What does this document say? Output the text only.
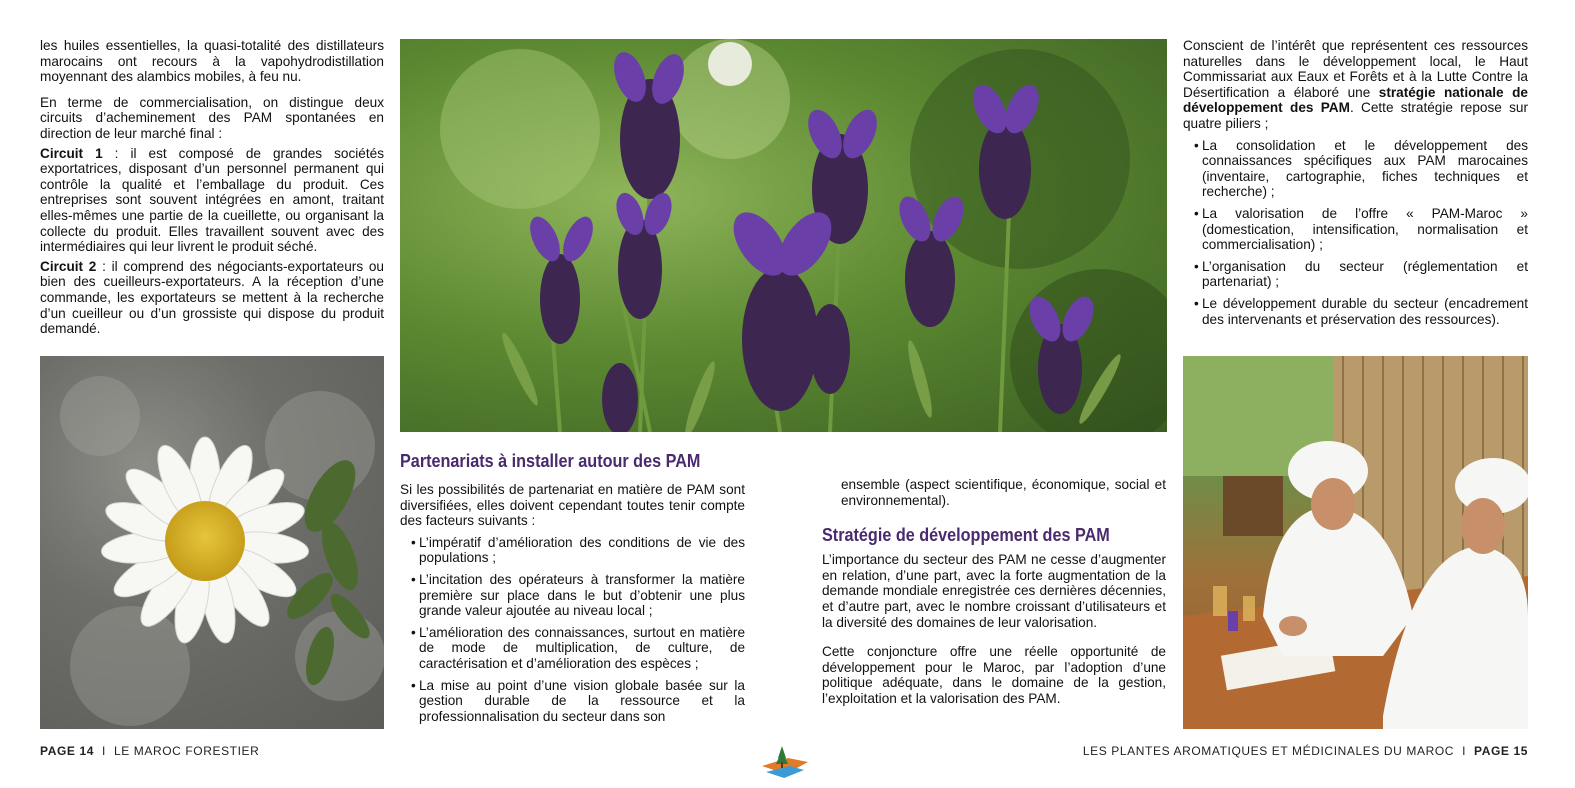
les huiles essentielles, la quasi-totalité des distillateurs marocains ont recours à la vapohydrodistillation moyennant des alambics mobiles, à feu nu.

En terme de commercialisation, on distingue deux circuits d’acheminement des PAM spontanées en direction de leur marché final :

Circuit 1 : il est composé de grandes sociétés exportatrices, disposant d’un personnel permanent qui contrôle la qualité et l’emballage du produit. Ces entreprises sont souvent intégrées en amont, traitant elles-mêmes une partie de la cueillette, ou organisant la collecte du produit. Elles travaillent souvent avec des intermédiaires qui leur livrent le produit séché.

Circuit 2 : il comprend des négociants-exportateurs ou bien des cueilleurs-exportateurs. A la réception d’une commande, les exportateurs se mettent à la recherche d’un cueilleur ou d’un grossiste qui dispose du produit demandé.

Partenariats à installer autour des PAM

Si les possibilités de partenariat en matière de PAM sont diversifiées, elles doivent cependant toutes tenir compte des facteurs suivants :

• L’impératif d’amélioration des conditions de vie des populations ;
• L’incitation des opérateurs à transformer la matière première sur place dans le but d’obtenir une plus grande valeur ajoutée au niveau local ;
• L’amélioration des connaissances, surtout en matière de mode de multiplication, de culture, de caractérisation et d’amélioration des espèces ;
• La mise au point d’une vision globale basée sur la gestion durable de la ressource et la professionnalisation du secteur dans son

ensemble (aspect scientifique, économique, social et environnemental).

Stratégie de développement des PAM

L’importance du secteur des PAM ne cesse d’augmenter en relation, d’une part, avec la forte augmentation de la demande mondiale enregistrée ces dernières décennies, et d’autre part, avec le nombre croissant d’utilisateurs et la diversité des domaines de leur valorisation.

Cette conjoncture offre une réelle opportunité de développement pour le Maroc, par l’adoption d’une politique adéquate, dans le domaine de la gestion, l’exploitation et la valorisation des PAM.

Conscient de l’intérêt que représentent ces ressources naturelles dans le développement local, le Haut Commissariat aux Eaux et Forêts et à la Lutte Contre la Désertification a élaboré une stratégie nationale de développement des PAM. Cette stratégie repose sur quatre piliers ;

• La consolidation et le développement des connaissances spécifiques aux PAM marocaines (inventaire, cartographie, fiches techniques et recherche) ;
• La valorisation de l’offre « PAM-Maroc » (domestication, intensification, normalisation et commercialisation) ;
• L’organisation du secteur (réglementation et partenariat) ;
• Le développement durable du secteur (encadrement des intervenants et préservation des ressources).
PAGE 14 I LE MAROC FORESTIER	LES PLANTES AROMATIQUES ET MÉDICINALES DU MAROC I PAGE 15
